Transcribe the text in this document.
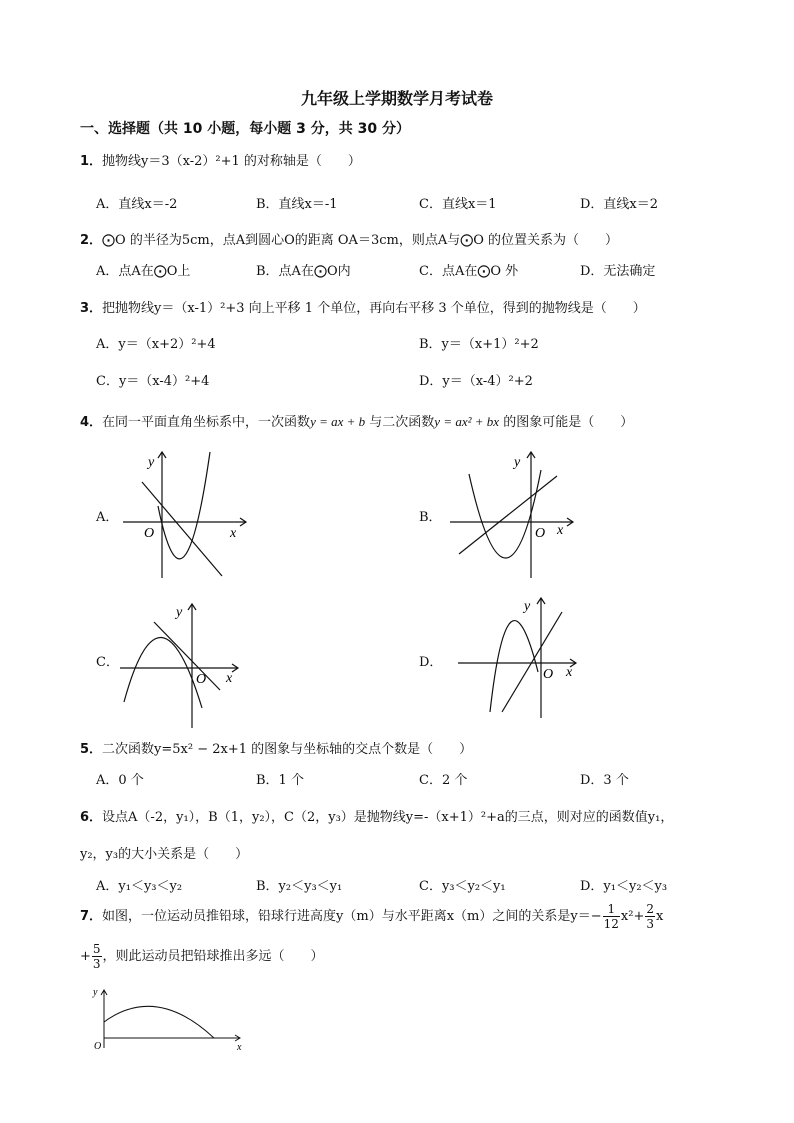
九年级上学期数学月考试卷
一、选择题（共 10 小题，每小题 3 分，共 30 分）
1．抛物线y＝3（x-2）²+1 的对称轴是（　　）
A．直线x＝-2	B．直线x＝-1	C．直线x＝1	D．直线x＝2
2．⨀O 的半径为5cm，点A到圆心O的距离 OA＝3cm，则点A与⨀O 的位置关系为（　　）
A．点A在⨀O上	B．点A在⨀O内	C．点A在⨀O 外	D．无法确定
3．把抛物线y＝（x-1）²+3 向上平移 1 个单位，再向右平移 3 个单位，得到的抛物线是（　　）
A．y＝（x+2）²+4	B．y＝（x+1）²+2
C．y＝（x-4）²+4	D．y＝（x-4）²+2
4．在同一平面直角坐标系中，一次函数y = ax + b 与二次函数y = ax² + bx 的图象可能是（　　）
A．	B．
C．	D．
y
O	x
y
O x
y
O x
y
O x
5．二次函数y=5x² − 2x+1 的图象与坐标轴的交点个数是（　　）
A．0 个	B．1 个	C．2 个	D．3 个
6．设点A（-2，y₁），B（1，y₂），C（2，y₃）是抛物线y=-（x+1）²+a的三点，则对应的函数值y₁，
y₂，y₃的大小关系是（　　）
A．y₁＜y₃＜y₂	B．y₂＜y₃＜y₁	C．y₃＜y₂＜y₁	D．y₁＜y₂＜y₃
7．如图，一位运动员推铅球，铅球行进高度y（m）与水平距离x（m）之间的关系是$y=- \frac{1}{12} x^2+ \frac{2}{3}$ x
+ $\frac{5}{3}$ ，则此运动员把铅球推出多远（　　）
y
O	x
